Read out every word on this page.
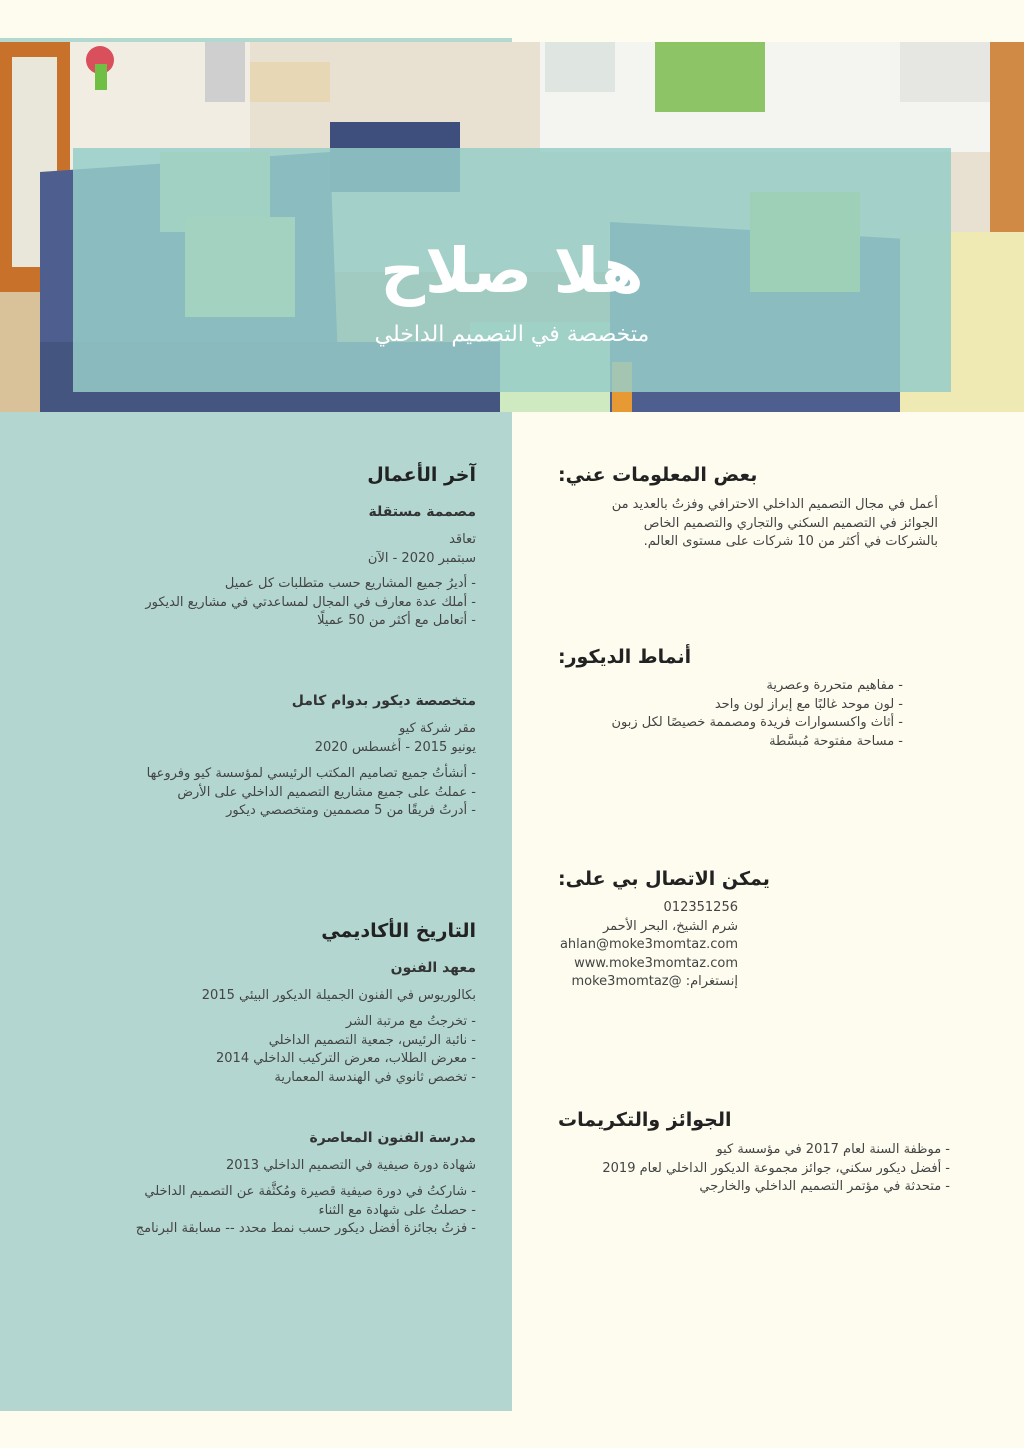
هلا صلاح
متخصصة في التصميم الداخلي
آخر الأعمال
مصممة مستقلة
تعاقد
سبتمبر 2020 - الآن
- أديرُ جميع المشاريع حسب متطلبات كل عميل
- أملك عدة معارف في المجال لمساعدتي في مشاريع الديكور
- أتعامل مع أكثر من 50 عميلًا
متخصصة ديكور بدوام كامل
مقر شركة كيو
يونيو 2015 - أغسطس 2020
- أنشأتُ جميع تصاميم المكتب الرئيسي لمؤسسة كيو وفروعها
- عملتُ على جميع مشاريع التصميم الداخلي على الأرض
- أدرتُ فريقًا من 5 مصممين ومتخصصي ديكور
التاريخ الأكاديمي
معهد الفنون
بكالوريوس في الفنون الجميلة الديكور البيئي 2015
- تخرجتُ مع مرتبة الشر
- نائبة الرئيس، جمعية التصميم الداخلي
- معرض الطلاب، معرض التركيب الداخلي 2014
- تخصص ثانوي في الهندسة المعمارية
مدرسة الفنون المعاصرة
شهادة دورة صيفية في التصميم الداخلي 2013
- شاركتُ في دورة صيفية قصيرة ومُكثَّفة عن التصميم الداخلي
- حصلتُ على شهادة مع الثناء
- فزتُ بجائزة أفضل ديكور حسب نمط محدد -- مسابقة البرنامج
بعض المعلومات عني:
أعمل في مجال التصميم الداخلي الاحترافي وفزتُ بالعديد من
الجوائز في التصميم السكني والتجاري والتصميم الخاص
بالشركات في أكثر من 10 شركات على مستوى العالم.
أنماط الديكور:
- مفاهيم متحررة وعصرية
- لون موحد غالبًا مع إبراز لون واحد
- أثاث واكسسوارات فريدة ومصممة خصيصًا لكل زبون
- مساحة مفتوحة مُبسَّطة
يمكن الاتصال بي على:
012351256
شرم الشيخ، البحر الأحمر
ahlan@moke3momtaz.com
www.moke3momtaz.com
إنستغرام: @moke3momtaz
الجوائز والتكريمات
- موظفة السنة لعام 2017 في مؤسسة كيو
- أفضل ديكور سكني، جوائز مجموعة الديكور الداخلي لعام 2019
- متحدثة في مؤتمر التصميم الداخلي والخارجي
